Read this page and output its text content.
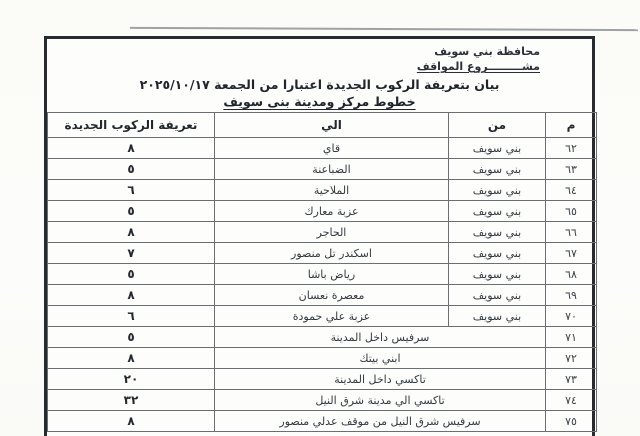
محافظة بني سويف
مشـــــــــروع المواقف
بيان بتعريفة الركوب الجديدة اعتبارا من الجمعة ٢٠٢٥/١٠/١٧
خطوط مركز ومدينة بنى سويف
م	من	الي	تعريفة الركوب الجديدة
٦٢	بني سويف	قاي	٨
٦٣	بني سويف	الضباعنة	٥
٦٤	بني سويف	الملاحية	٦
٦٥	بني سويف	عزبة معارك	٥
٦٦	بني سويف	الحاجر	٨
٦٧	بني سويف	اسكندر تل منصور	٧
٦٨	بني سويف	رياض باشا	٥
٦٩	بني سويف	معصرة نعسان	٨
٧٠	بني سويف	عزبة علي حمودة	٦
٧١	سرفيس داخل المدينة		٥
٧٢	ابني بيتك		٨
٧٣	تاكسي داخل المدينة		٢٠
٧٤	تاكسي الي مدينة شرق النيل		٣٢
٧٥	سرفيس شرق النيل من موقف عدلي منصور		٨
